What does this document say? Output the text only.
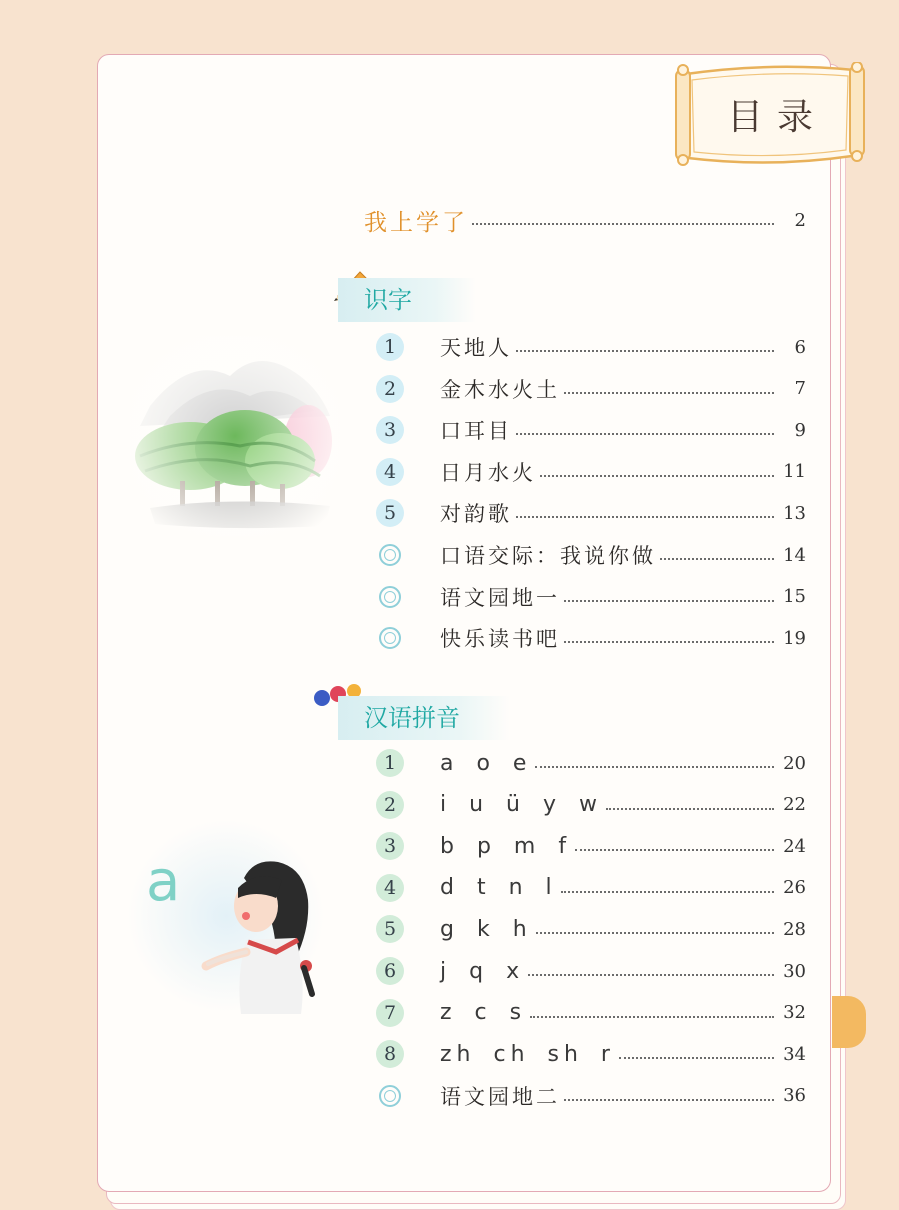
目录
我上学了	2
识字
1	天地人	6
2	金木水火土	7
3	口耳目	9
4	日月水火	11
5	对韵歌	13
口语交际：我说你做	14
语文园地一	15
快乐读书吧	19
汉语拼音
1	a o e	20
2	i u ü y w	22
3	b p m f	24
4	d t n l	26
5	g k h	28
6	j q x	30
7	z c s	32
8	zh ch sh r	34
语文园地二	36
a
